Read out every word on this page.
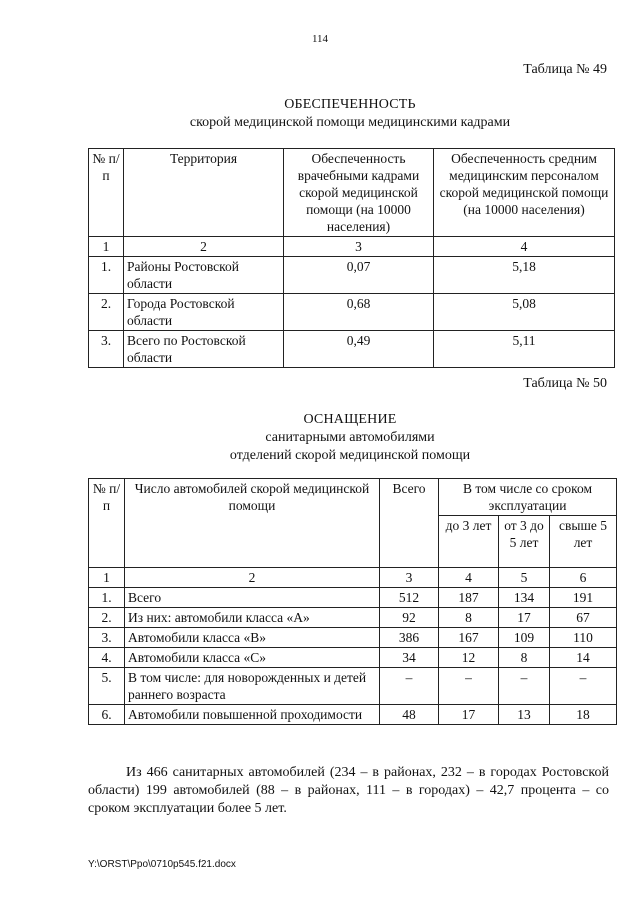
114
Таблица № 49
ОБЕСПЕЧЕННОСТЬ
скорой медицинской помощи медицинскими кадрами
№ п/п	Территория	Обеспеченность врачебными кадрами скорой медицинской помощи (на 10000 населения)	Обеспеченность средним медицинским персоналом скорой медицинской помощи (на 10000 населения)
1	2	3	4
1.	Районы Ростовской области	0,07	5,18
2.	Города Ростовской области	0,68	5,08
3.	Всего по Ростовской области	0,49	5,11
Таблица № 50
ОСНАЩЕНИЕ
санитарными автомобилями
отделений скорой медицинской помощи
№ п/п	Число автомобилей скорой медицинской помощи	Всего	В том числе со сроком эксплуатации		
			до 3 лет	от 3 до 5 лет	свыше 5 лет
1	2	3	4	5	6
1.	Всего	512	187	134	191
2.	Из них: автомобили класса «А»	92	8	17	67
3.	Автомобили класса «В»	386	167	109	110
4.	Автомобили класса «С»	34	12	8	14
5.	В том числе: для новорожденных и детей раннего возраста	–	–	–	–
6.	Автомобили повышенной проходимости	48	17	13	18
Из 466 санитарных автомобилей (234 – в районах, 232 – в городах Ростовской области) 199 автомобилей (88 – в районах, 111 – в городах) – 42,7 процента – со сроком эксплуатации более 5 лет.
Y:\ORST\Ppo\0710p545.f21.docx
